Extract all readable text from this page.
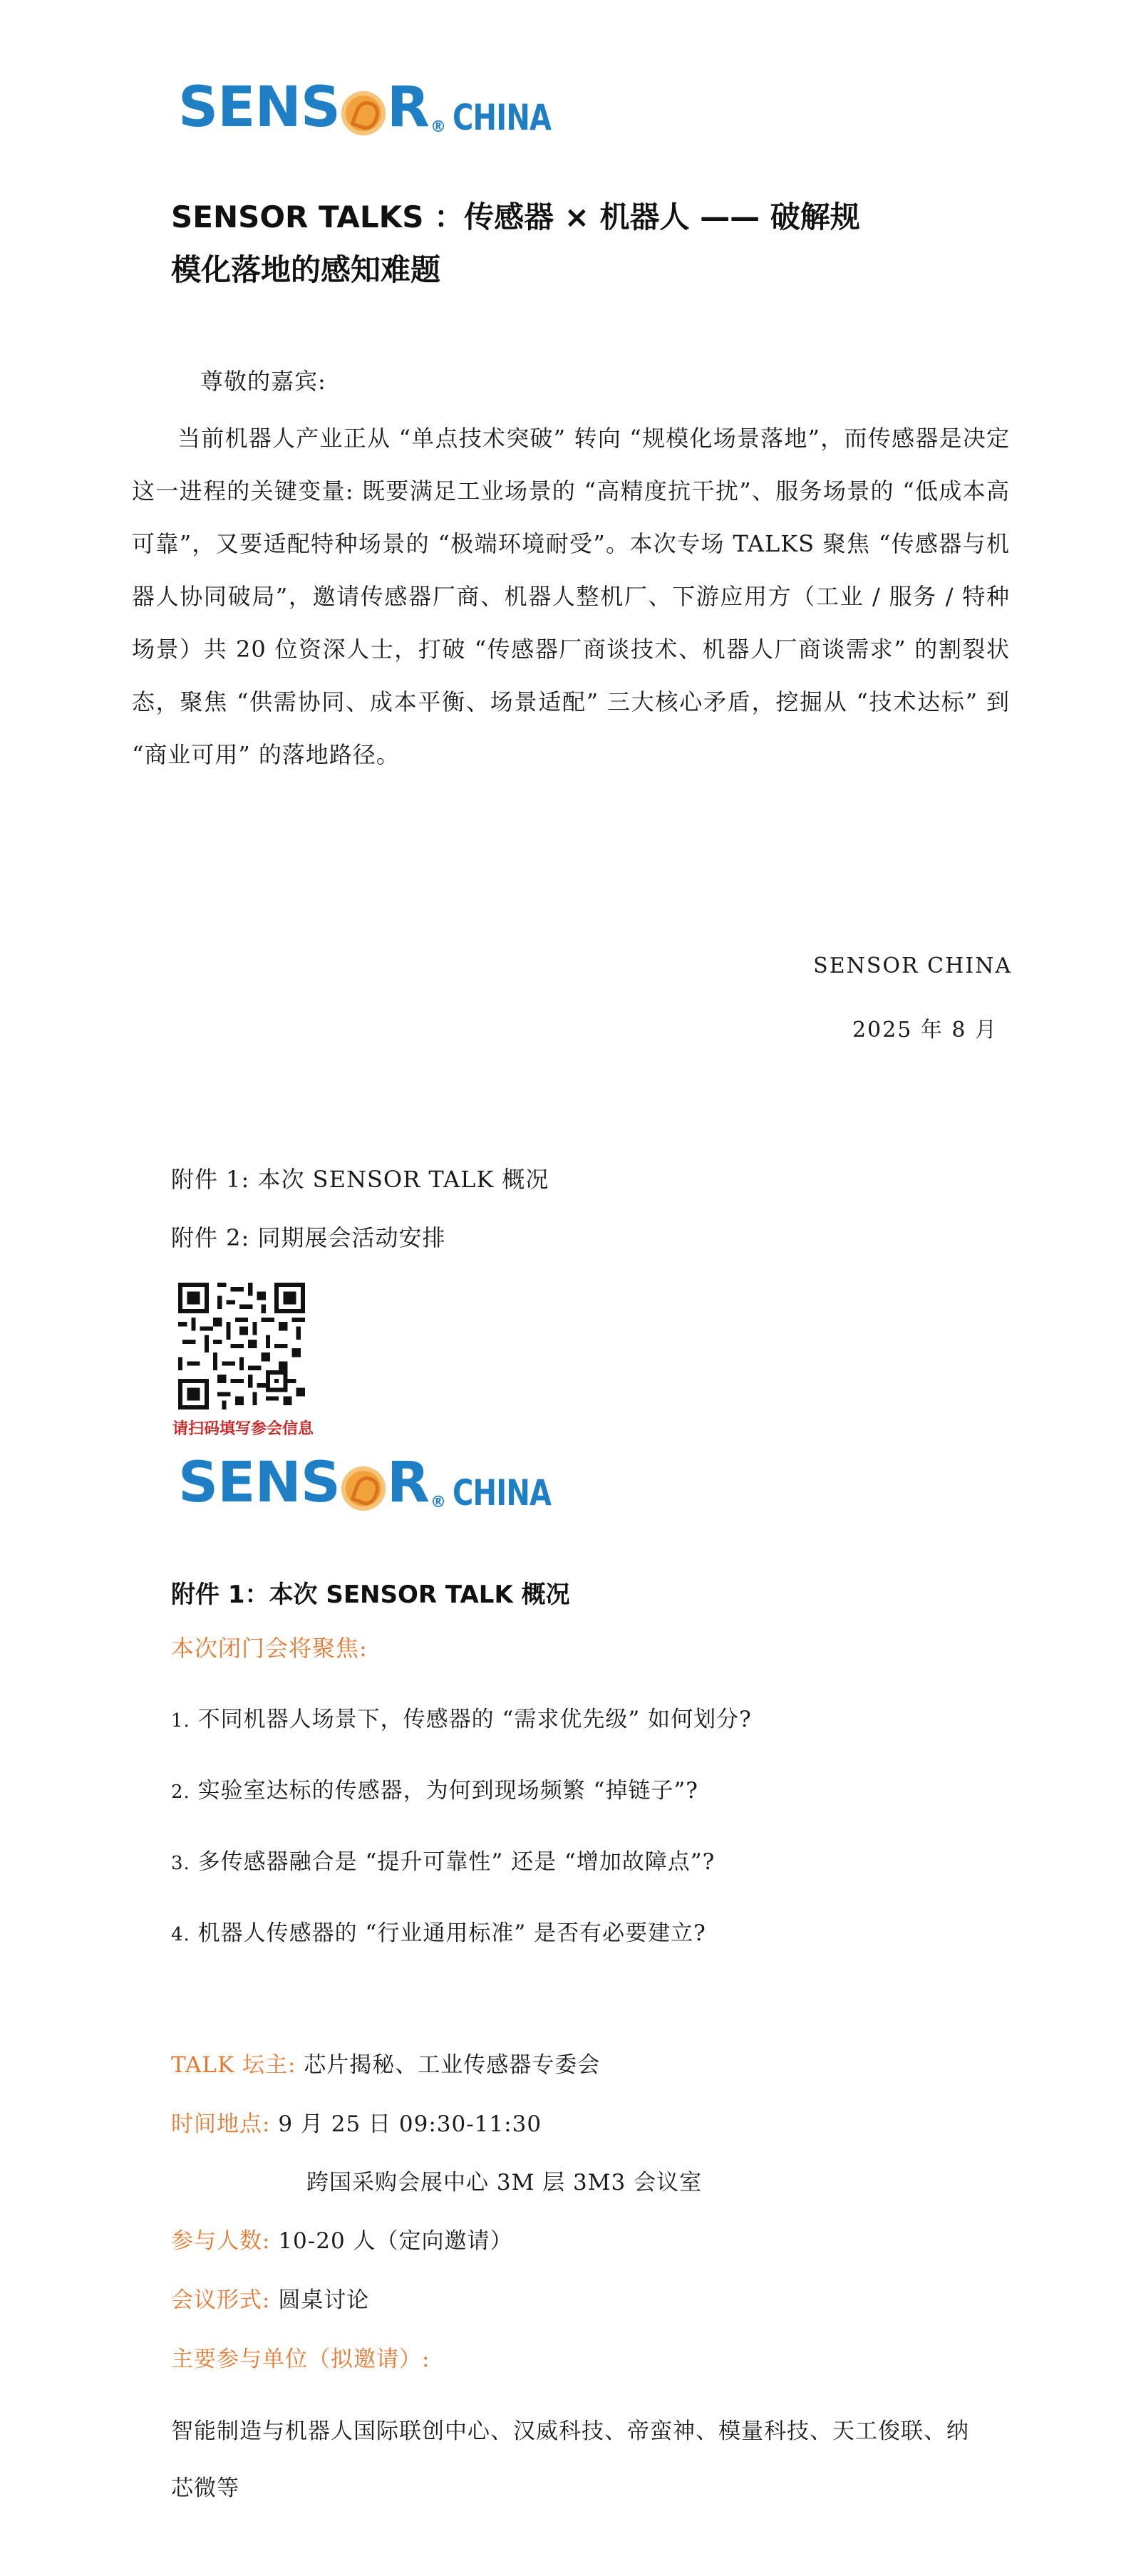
SENS R ® CHINA
SENSOR TALKS ：传感器 × 机器人 —— 破解规
模化落地的感知难题
尊敬的嘉宾:
当前机器人产业正从 “单点技术突破” 转向 “规模化场景落地”，而传感器是决定这一进程的关键变量: 既要满足工业场景的 “高精度抗干扰”、服务场景的 “低成本高可靠”，又要适配特种场景的 “极端环境耐受”。本次专场 TALKS 聚焦 “传感器与机器人协同破局”，邀请传感器厂商、机器人整机厂、下游应用方（工业 / 服务 / 特种场景）共 20 位资深人士，打破 “传感器厂商谈技术、机器人厂商谈需求” 的割裂状态，聚焦 “供需协同、成本平衡、场景适配” 三大核心矛盾，挖掘从 “技术达标” 到 “商业可用” 的落地路径。
SENSOR CHINA
2025 年 8 月
附件 1: 本次 SENSOR TALK 概况
附件 2: 同期展会活动安排
请扫码填写参会信息
SENS R ® CHINA
附件 1：本次 SENSOR TALK 概况
本次闭门会将聚焦:
1. 不同机器人场景下，传感器的 “需求优先级” 如何划分?
2. 实验室达标的传感器，为何到现场频繁 “掉链子”?
3. 多传感器融合是 “提升可靠性” 还是 “增加故障点”?
4. 机器人传感器的 “行业通用标准” 是否有必要建立?
TALK 坛主: 芯片揭秘、工业传感器专委会
时间地点: 9 月 25 日 09:30-11:30
跨国采购会展中心 3M 层 3M3 会议室
参与人数: 10-20 人（定向邀请）
会议形式: 圆桌讨论
主要参与单位（拟邀请）:
智能制造与机器人国际联创中心、汉威科技、帝蛮神、模量科技、天工俊联、纳芯微等
